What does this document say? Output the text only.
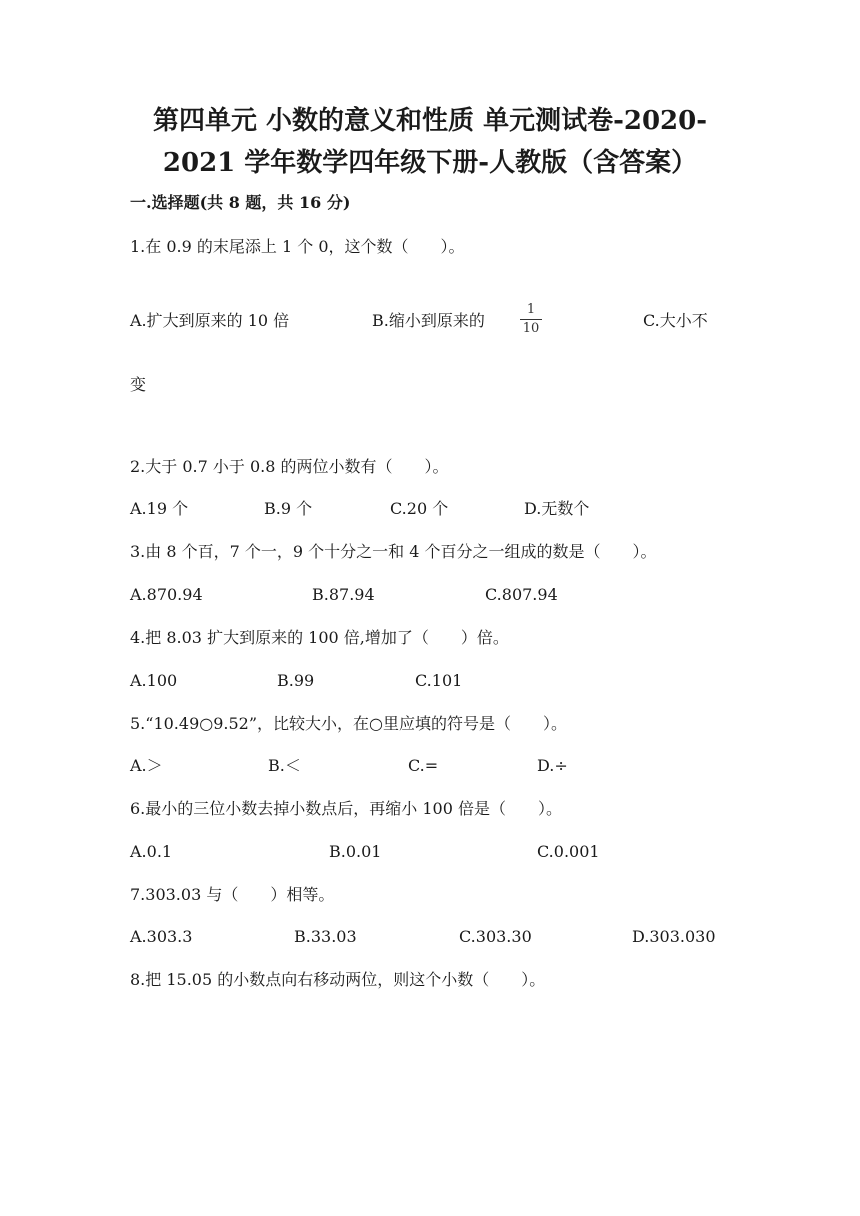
第四单元 小数的意义和性质 单元测试卷-2020-
2021 学年数学四年级下册-人教版（含答案）
一.选择题(共 8 题，共 16 分)
1.在 0.9 的末尾添上 1 个 0，这个数（　　）。
A.扩大到原来的 10 倍	B.缩小到原来的
1
10	C.大小不
变
2.大于 0.7 小于 0.8 的两位小数有（　　）。
A.19 个	B.9 个	C.20 个	D.无数个
3.由 8 个百，7 个一，9 个十分之一和 4 个百分之一组成的数是（　　）。
A.870.94	B.87.94	C.807.94
4.把 8.03 扩大到原来的 100 倍,增加了（　　）倍。
A.100	B.99	C.101
5.“10.49○9.52”，比较大小，在○里应填的符号是（　　）。
A.＞	B.＜	C.=	D.÷
6.最小的三位小数去掉小数点后，再缩小 100 倍是（　　）。
A.0.1	B.0.01	C.0.001
7.303.03 与（　　）相等。
A.303.3	B.33.03	C.303.30	D.303.030
8.把 15.05 的小数点向右移动两位，则这个小数（　　）。
